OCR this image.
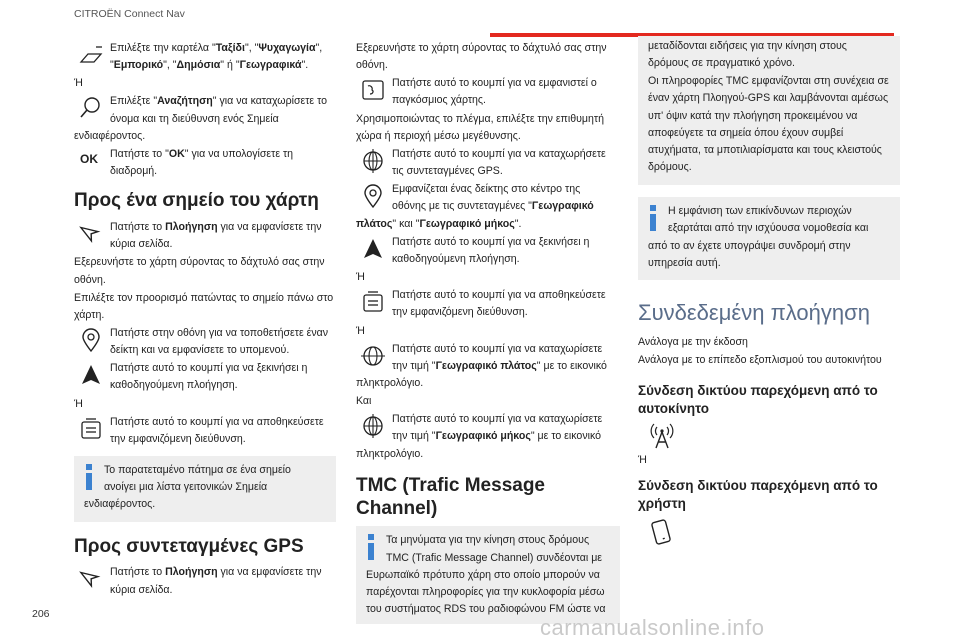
CITROËN Connect Nav
Επιλέξτε την καρτέλα "Ταξίδι", "Ψυχαγωγία", "Εμπορικό", "Δημόσια" ή "Γεωγραφικά".
Ή
Επιλέξτε "Αναζήτηση" για να καταχωρίσετε το
όνομα και τη διεύθυνση ενός Σημεία
ενδιαφέροντος.
OK Πατήστε το "OK" για να υπολογίσετε τη διαδρομή.
Προς ένα σημείο του χάρτη
Πατήστε το Πλοήγηση για να εμφανίσετε την κύρια σελίδα.
Εξερευνήστε το χάρτη σύροντας το δάχτυλό σας στην οθόνη.
Επιλέξτε τον προορισμό πατώντας το σημείο πάνω στο χάρτη.
Πατήστε στην οθόνη για να τοποθετήσετε έναν δείκτη και να εμφανίσετε το υπομενού.
Πατήστε αυτό το κουμπί για να ξεκινήσει η καθοδηγούμενη πλοήγηση.
Ή
Πατήστε αυτό το κουμπί για να αποθηκεύσετε την εμφανιζόμενη διεύθυνση.
Το παρατεταμένο πάτημα σε ένα σημείο
ανοίγει μια λίστα γειτονικών Σημεία
ενδιαφέροντος.
Προς συντεταγμένες GPS
Πατήστε το Πλοήγηση για να εμφανίσετε την κύρια σελίδα.
Εξερευνήστε το χάρτη σύροντας το δάχτυλό σας στην οθόνη.
Πατήστε αυτό το κουμπί για να εμφανιστεί ο
παγκόσμιος χάρτης.
Χρησιμοποιώντας το πλέγμα, επιλέξτε την επιθυμητή χώρα ή περιοχή μέσω μεγέθυνσης.
Πατήστε αυτό το κουμπί για να καταχωρήσετε τις συντεταγμένες GPS.
Εμφανίζεται ένας δείκτης στο κέντρο της
οθόνης με τις συντεταγμένες "Γεωγραφικό
πλάτος" και "Γεωγραφικό μήκος".
Πατήστε αυτό το κουμπί για να ξεκινήσει η καθοδηγούμενη πλοήγηση.
Ή
Πατήστε αυτό το κουμπί για να αποθηκεύσετε την εμφανιζόμενη διεύθυνση.
Ή
Πατήστε αυτό το κουμπί για να καταχωρίσετε
την τιμή "Γεωγραφικό πλάτος" με το εικονικό
πληκτρολόγιο.
Και
Πατήστε αυτό το κουμπί για να καταχωρίσετε
την τιμή "Γεωγραφικό μήκος" με το εικονικό
πληκτρολόγιο.
TMC (Trafic Message Channel)
Τα μηνύματα για την κίνηση στους δρόμους
TMC (Trafic Message Channel) συνδέονται με
Ευρωπαϊκό πρότυπο χάρη στο οποίο μπορούν να
παρέχονται πληροφορίες για την κυκλοφορία μέσω
του συστήματος RDS του ραδιοφώνου FM ώστε να
μεταδίδονται ειδήσεις για την κίνηση στους δρόμους σε πραγματικό χρόνο.
Οι πληροφορίες TMC εμφανίζονται στη συνέχεια σε έναν χάρτη Πλοηγού-GPS και λαμβάνονται αμέσως υπ' όψιν κατά την πλοήγηση προκειμένου να αποφεύγετε τα σημεία όπου έχουν συμβεί ατυχήματα, τα μποτιλιαρίσματα και τους κλειστούς δρόμους.
Η εμφάνιση των επικίνδυνων περιοχών
εξαρτάται από την ισχύουσα νομοθεσία και
από το αν έχετε υπογράψει συνδρομή στην
υπηρεσία αυτή.
Συνδεδεμένη πλοήγηση
Ανάλογα με την έκδοση
Ανάλογα με το επίπεδο εξοπλισμού του αυτοκινήτου
Σύνδεση δικτύου παρεχόμενη από το αυτοκίνητο
Ή
Σύνδεση δικτύου παρεχόμενη από το χρήστη
206
carmanualsonline.info
